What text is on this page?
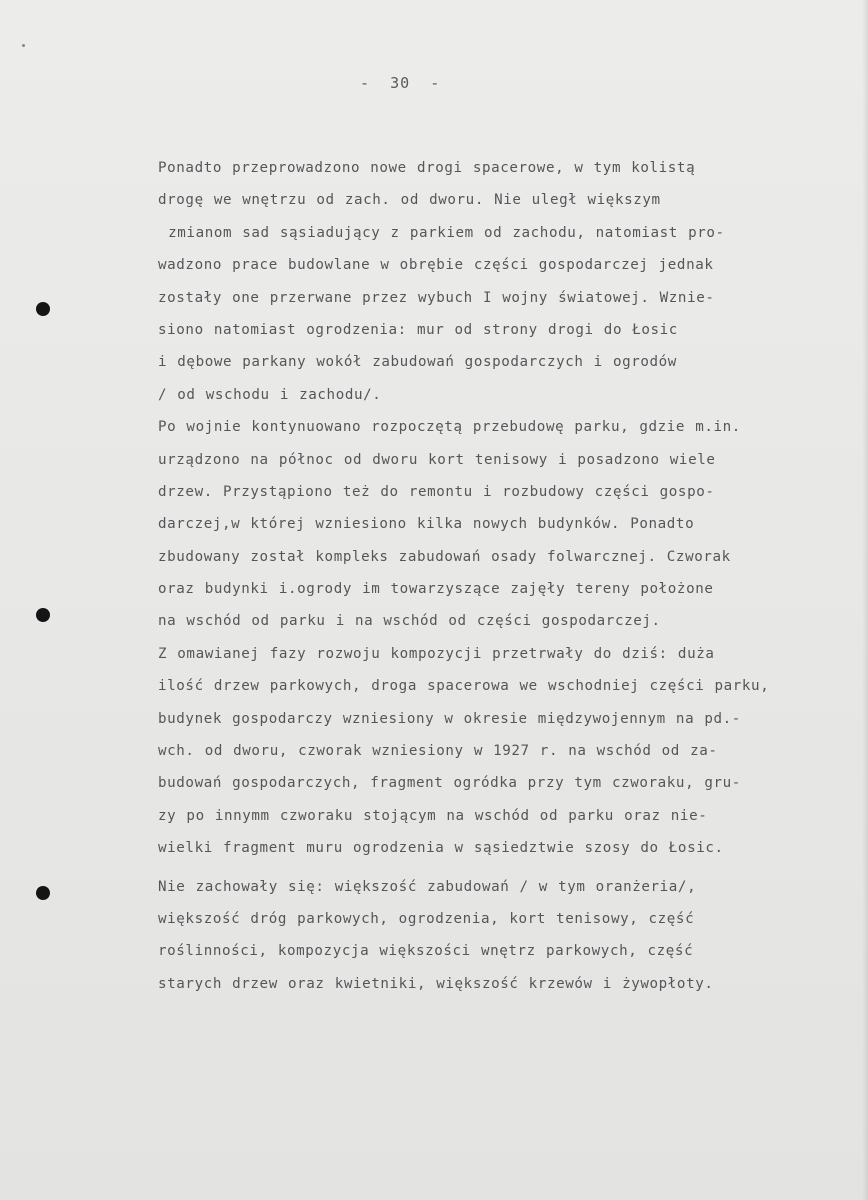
-  30  -
Ponadto przeprowadzono nowe drogi spacerowe, w tym kolistą
drogę we wnętrzu od zach. od dworu. Nie uległ większym
zmianom sad sąsiadujący z parkiem od zachodu, natomiast pro-
wadzono prace budowlane w obrębie części gospodarczej jednak
zostały one przerwane przez wybuch I wojny światowej. Wznie-
siono natomiast ogrodzenia: mur od strony drogi do Łosic
i dębowe parkany wokół zabudowań gospodarczych i ogrodów
/ od wschodu i zachodu/.
Po wojnie kontynuowano rozpoczętą przebudowę parku, gdzie m.in.
urządzono na północ od dworu kort tenisowy i posadzono wiele
drzew. Przystąpiono też do remontu i rozbudowy części gospo-
darczej,w której wzniesiono kilka nowych budynków. Ponadto
zbudowany został kompleks zabudowań osady folwarcznej. Czworak
oraz budynki i.ogrody im towarzyszące zajęły tereny położone
na wschód od parku i na wschód od części gospodarczej.
Z omawianej fazy rozwoju kompozycji przetrwały do dziś: duża
ilość drzew parkowych, droga spacerowa we wschodniej części parku,
budynek gospodarczy wzniesiony w okresie międzywojennym na pd.-
wch. od dworu, czworak wzniesiony w 1927 r. na wschód od za-
budowań gospodarczych, fragment ogródka przy tym czworaku, gru-
zy po innymm czworaku stojącym na wschód od parku oraz nie-
wielki fragment muru ogrodzenia w sąsiedztwie szosy do Łosic.
Nie zachowały się: większość zabudowań / w tym oranżeria/,
większość dróg parkowych, ogrodzenia, kort tenisowy, część
roślinności, kompozycja większości wnętrz parkowych, część
starych drzew oraz kwietniki, większość krzewów i żywopłoty.
